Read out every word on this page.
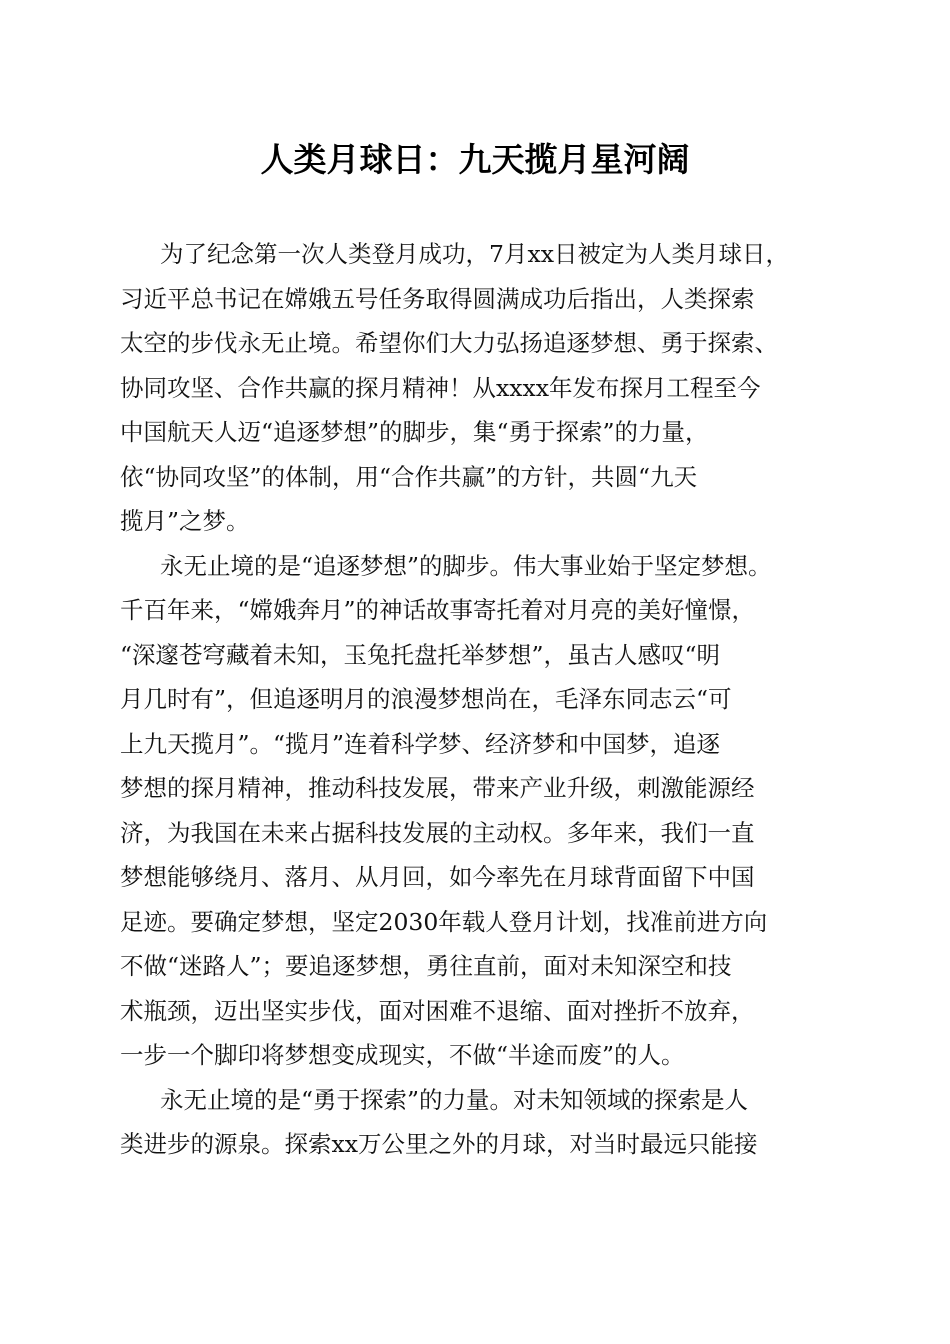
人类月球日：九天揽月星河阔
为了纪念第一次人类登月成功，7月xx日被定为人类月球日，
习近平总书记在嫦娥五号任务取得圆满成功后指出，人类探索
太空的步伐永无止境。希望你们大力弘扬追逐梦想、勇于探索、
协同攻坚、合作共赢的探月精神！从xxxx年发布探月工程至今
中国航天人迈“追逐梦想”的脚步，集“勇于探索”的力量，
依“协同攻坚”的体制，用“合作共赢”的方针，共圆“九天
揽月”之梦。
永无止境的是“追逐梦想”的脚步。伟大事业始于坚定梦想。
千百年来，“嫦娥奔月”的神话故事寄托着对月亮的美好憧憬，
“深邃苍穹藏着未知，玉兔托盘托举梦想”，虽古人感叹“明
月几时有”，但追逐明月的浪漫梦想尚在，毛泽东同志云“可
上九天揽月”。“揽月”连着科学梦、经济梦和中国梦，追逐
梦想的探月精神，推动科技发展，带来产业升级，刺激能源经
济，为我国在未来占据科技发展的主动权。多年来，我们一直
梦想能够绕月、落月、从月回，如今率先在月球背面留下中国
足迹。要确定梦想，坚定2030年载人登月计划，找准前进方向
不做“迷路人”；要追逐梦想，勇往直前，面对未知深空和技
术瓶颈，迈出坚实步伐，面对困难不退缩、面对挫折不放弃，
一步一个脚印将梦想变成现实，不做“半途而废”的人。
永无止境的是“勇于探索”的力量。对未知领域的探索是人
类进步的源泉。探索xx万公里之外的月球，对当时最远只能接
